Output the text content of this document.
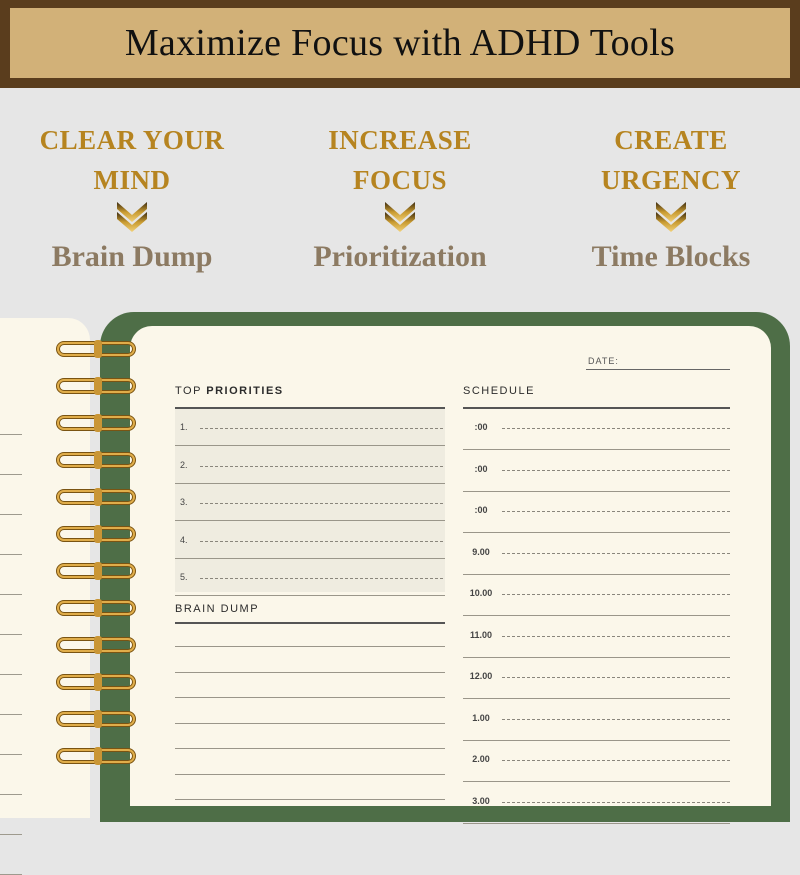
Maximize Focus with ADHD Tools
CLEAR YOUR
MIND
Brain Dump
INCREASE
FOCUS
Prioritization
CREATE
URGENCY
Time Blocks
DATE:
TOP PRIORITIES
1.
2.
3.
4.
5.
BRAIN DUMP
SCHEDULE
:00
:00
:00
9.00
10.00
11.00
12.00
1.00
2.00
3.00
